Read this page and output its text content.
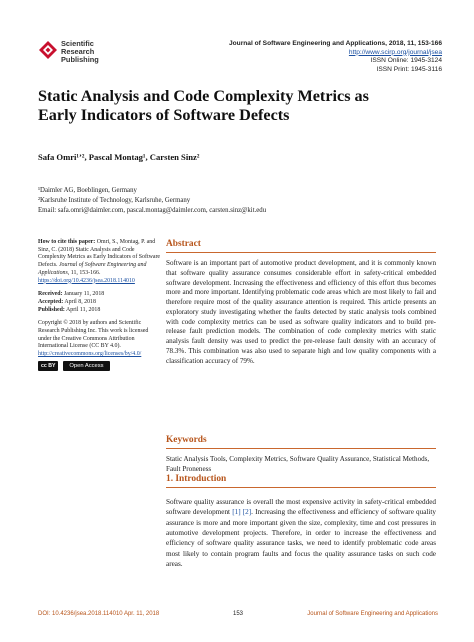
Scientific
Research
Publishing
Journal of Software Engineering and Applications, 2018, 11, 153-166
http://www.scirp.org/journal/jsea
ISSN Online: 1945-3124
ISSN Print: 1945-3116
Static Analysis and Code Complexity Metrics as
Early Indicators of Software Defects
Safa Omri¹ʼ², Pascal Montag¹, Carsten Sinz²
¹Daimler AG, Boeblingen, Germany
²Karlsruhe Institute of Technology, Karlsruhe, Germany
Email: safa.omri@daimler.com, pascal.montag@daimler.com, carsten.sinz@kit.edu
How to cite this paper: Omri, S., Montag, P. and Sinz, C. (2018) Static Analysis and Code Complexity Metrics as Early Indicators of Software Defects. Journal of Software Engineering and Applications, 11, 153-166.
https://doi.org/10.4236/jsea.2018.114010
Received: January 11, 2018
Accepted: April 8, 2018
Published: April 11, 2018
Copyright © 2018 by authors and Scientific Research Publishing Inc. This work is licensed under the Creative Commons Attribution International License (CC BY 4.0).
http://creativecommons.org/licenses/by/4.0/
cc BY	Open Access
Abstract
Software is an important part of automotive product development, and it is commonly known that software quality assurance consumes considerable effort in safety-critical embedded software development. Increasing the effectiveness and efficiency of this effort thus becomes more and more important. Identifying problematic code areas which are most likely to fail and therefore require most of the quality assurance attention is required. This article presents an exploratory study investigating whether the faults detected by static analysis tools combined with code complexity metrics can be used as software quality indicators and to build pre-release fault prediction models. The combination of code complexity metrics with static analysis fault density was used to predict the pre-release fault density with an accuracy of 78.3%. This combination was also used to separate high and low quality components with a classification accuracy of 79%.
Keywords
Static Analysis Tools, Complexity Metrics, Software Quality Assurance, Statistical Methods, Fault Proneness
1. Introduction
Software quality assurance is overall the most expensive activity in safety-critical embedded software development [1] [2]. Increasing the effectiveness and efficiency of software quality assurance is more and more important given the size, complexity, time and cost pressures in automotive development projects. Therefore, in order to increase the effectiveness and efficiency of software quality assurance tasks, we need to identify problematic code areas most likely to contain program faults and focus the quality assurance tasks on such code areas.
DOI: 10.4236/jsea.2018.114010 Apr. 11, 2018	153	Journal of Software Engineering and Applications
